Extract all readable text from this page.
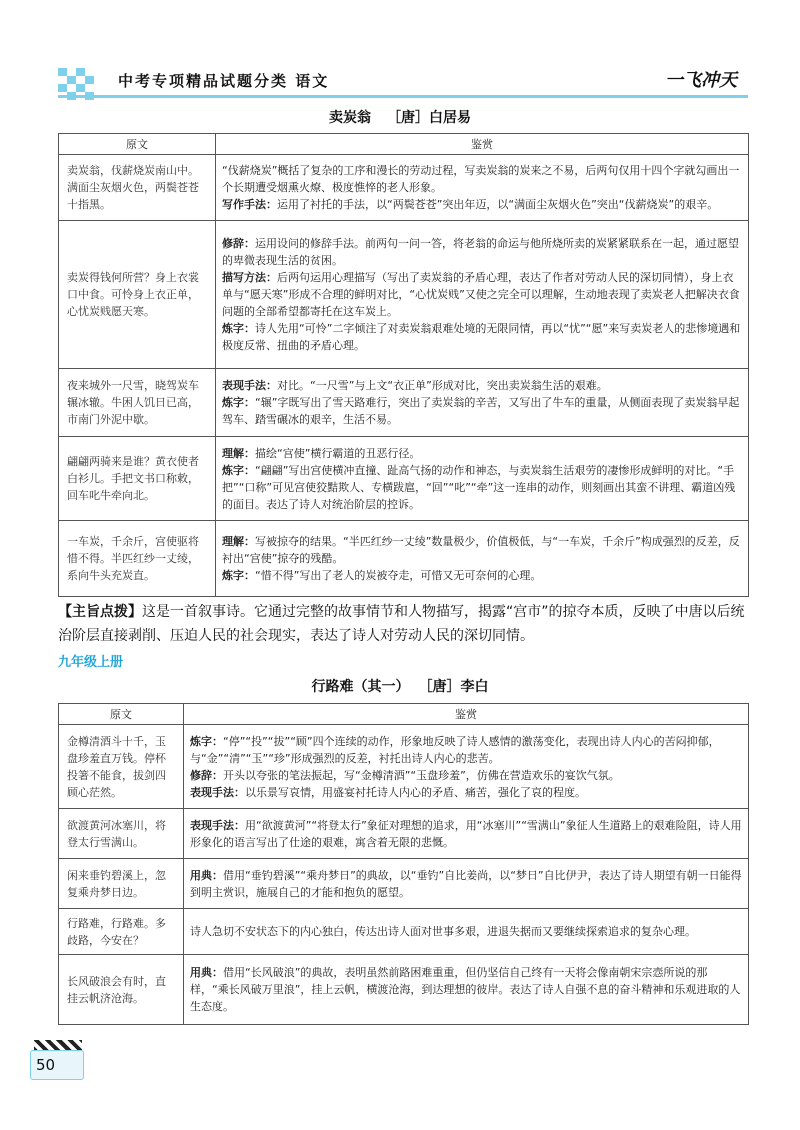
中考专项精品试题分类 语文	一飞冲天
卖炭翁 ［唐］白居易
原文	鉴赏
卖炭翁，伐薪烧炭南山中。满面尘灰烟火色，两鬓苍苍十指黑。	“伐薪烧炭”概括了复杂的工序和漫长的劳动过程，写卖炭翁的炭来之不易，后两句仅用十四个字就勾画出一个长期遭受烟熏火燎、极度憔悴的老人形象。

写作手法：运用了衬托的手法，以“两鬓苍苍”突出年迈，以“满面尘灰烟火色”突出“伐薪烧炭”的艰辛。

卖炭得钱何所营？身上衣裳口中食。可怜身上衣正单，心忧炭贱愿天寒。	修辞：运用设问的修辞手法。前两句一问一答，将老翁的命运与他所烧所卖的炭紧紧联系在一起，通过愿望的卑微表现生活的贫困。

描写方法：后两句运用心理描写（写出了卖炭翁的矛盾心理，表达了作者对劳动人民的深切同情），身上衣单与“愿天寒”形成不合理的鲜明对比，“心忧炭贱”又使之完全可以理解，生动地表现了卖炭老人把解决衣食问题的全部希望都寄托在这车炭上。

炼字：诗人先用“可怜”二字倾注了对卖炭翁艰难处境的无限同情，再以“忧”“愿”来写卖炭老人的悲惨境遇和极度反常、扭曲的矛盾心理。

夜来城外一尺雪，晓驾炭车辗冰辙。牛困人饥日已高，市南门外泥中歇。	表现手法：对比。“一尺雪”与上文“衣正单”形成对比，突出卖炭翁生活的艰难。

炼字：“辗”字既写出了雪天路难行，突出了卖炭翁的辛苦，又写出了牛车的重量，从侧面表现了卖炭翁早起驾车、踏雪碾冰的艰辛，生活不易。

翩翩两骑来是谁？黄衣使者白衫儿。手把文书口称敕，回车叱牛牵向北。	理解：描绘“宫使”横行霸道的丑恶行径。

炼字：“翩翩”写出宫使横冲直撞、趾高气扬的动作和神态，与卖炭翁生活艰劳的凄惨形成鲜明的对比。“手把”“口称”可见宫使狡黠欺人、专横跋扈，“回”“叱”“牵”这一连串的动作，则刻画出其蛮不讲理、霸道凶残的面目。表达了诗人对统治阶层的控诉。

一车炭，千余斤，宫使驱将惜不得。半匹红纱一丈绫，系向牛头充炭直。	理解：写被掠夺的结果。“半匹红纱一丈绫”数量极少，价值极低，与“一车炭，千余斤”构成强烈的反差，反衬出“宫使”掠夺的残酷。

炼字：“惜不得”写出了老人的炭被夺走，可惜又无可奈何的心理。

【主旨点拨】这是一首叙事诗。它通过完整的故事情节和人物描写，揭露“宫市”的掠夺本质，反映了中唐以后统治阶层直接剥削、压迫人民的社会现实，表达了诗人对劳动人民的深切同情。
九年级上册
行路难（其一） ［唐］李白
原文	鉴赏
金樽清酒斗十千，玉盘珍羞直万钱。停杯投箸不能食，拔剑四顾心茫然。	炼字：“停”“投”“拔”“顾”四个连续的动作，形象地反映了诗人感情的激荡变化，表现出诗人内心的苦闷抑郁，与“金”“清”“玉”“珍”形成强烈的反差，衬托出诗人内心的悲苦。

修辞：开头以夸张的笔法振起，写“金樽清酒”“玉盘珍羞”，仿佛在营造欢乐的宴饮气氛。

表现手法：以乐景写哀情，用盛宴衬托诗人内心的矛盾、痛苦，强化了哀的程度。

欲渡黄河冰塞川，将登太行雪满山。	表现手法：用“欲渡黄河”“将登太行”象征对理想的追求，用“冰塞川”“雪满山”象征人生道路上的艰难险阻，诗人用形象化的语言写出了仕途的艰难，寓含着无限的悲慨。

闲来垂钓碧溪上，忽复乘舟梦日边。	用典：借用“垂钓碧溪”“乘舟梦日”的典故，以“垂钓”自比姜尚，以“梦日”自比伊尹，表达了诗人期望有朝一日能得到明主赏识，施展自己的才能和抱负的愿望。

行路难，行路难。多歧路，今安在？	诗人急切不安状态下的内心独白，传达出诗人面对世事多艰，进退失据而又要继续探索追求的复杂心理。

长风破浪会有时，直挂云帆济沧海。	用典：借用“长风破浪”的典故，表明虽然前路困难重重，但仍坚信自己终有一天将会像南朝宋宗悫所说的那样，“乘长风破万里浪”，挂上云帆，横渡沧海，到达理想的彼岸。表达了诗人自强不息的奋斗精神和乐观进取的人生态度。

50
